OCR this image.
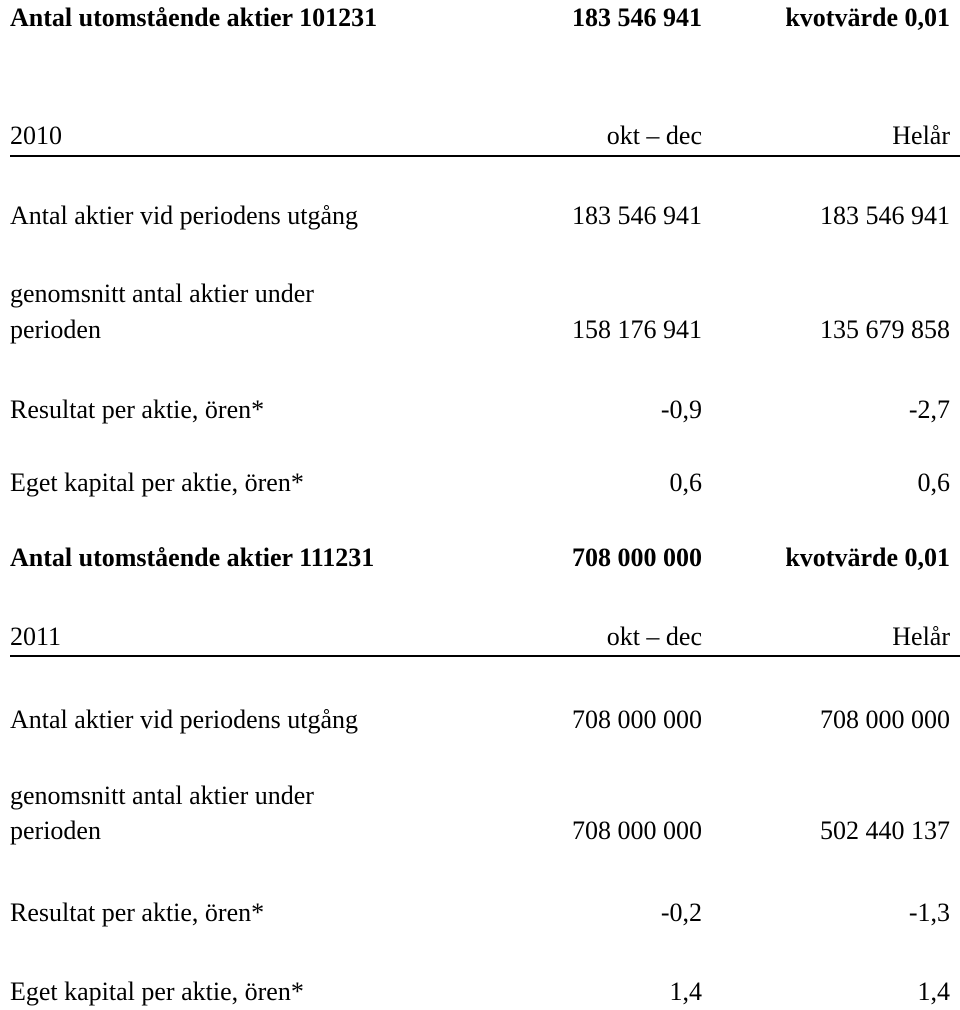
Antal utomstående aktier 101231	183 546 941	kvotvärde 0,01
2010	okt – dec	Helår
Antal aktier vid periodens utgång	183 546 941	183 546 941
genomsnitt antal aktier under
perioden	158 176 941	135 679 858
Resultat per aktie, ören*	-0,9	-2,7
Eget kapital per aktie, ören*	0,6	0,6
Antal utomstående aktier 111231	708 000 000	kvotvärde 0,01
2011	okt – dec	Helår
Antal aktier vid periodens utgång	708 000 000	708 000 000
genomsnitt antal aktier under
perioden	708 000 000	502 440 137
Resultat per aktie, ören*	-0,2	-1,3
Eget kapital per aktie, ören*	1,4	1,4
